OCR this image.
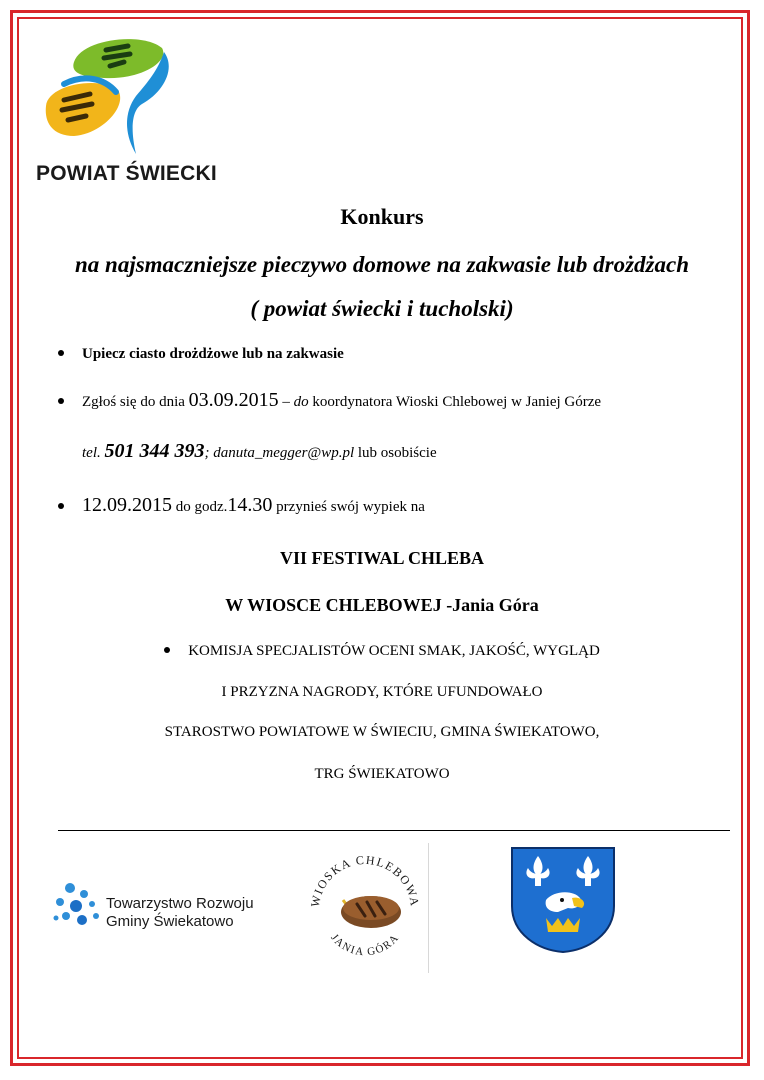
POWIAT ŚWIECKI
Konkurs
na najsmaczniejsze pieczywo domowe na zakwasie lub drożdżach
( powiat świecki i tucholski)
Upiecz ciasto drożdżowe lub na zakwasie
Zgłoś się do dnia 03.09.2015 – do koordynatora Wioski Chlebowej w Janiej Górze
tel. 501 344 393; danuta_megger@wp.pl lub osobiście
12.09.2015 do godz.14.30 przynieś swój wypiek na
VII FESTIWAL CHLEBA
W WIOSCE CHLEBOWEJ -Jania Góra
KOMISJA SPECJALISTÓW OCENI SMAK, JAKOŚĆ, WYGLĄD
I PRZYZNA NAGRODY, KTÓRE UFUNDOWAŁO
STAROSTWO POWIATOWE W ŚWIECIU, GMINA ŚWIEKATOWO,
TRG ŚWIEKATOWO
Towarzystwo Rozwoju
Gminy Świekatowo
WIOSKA CHLEBOWA
JANIA GÓRA
